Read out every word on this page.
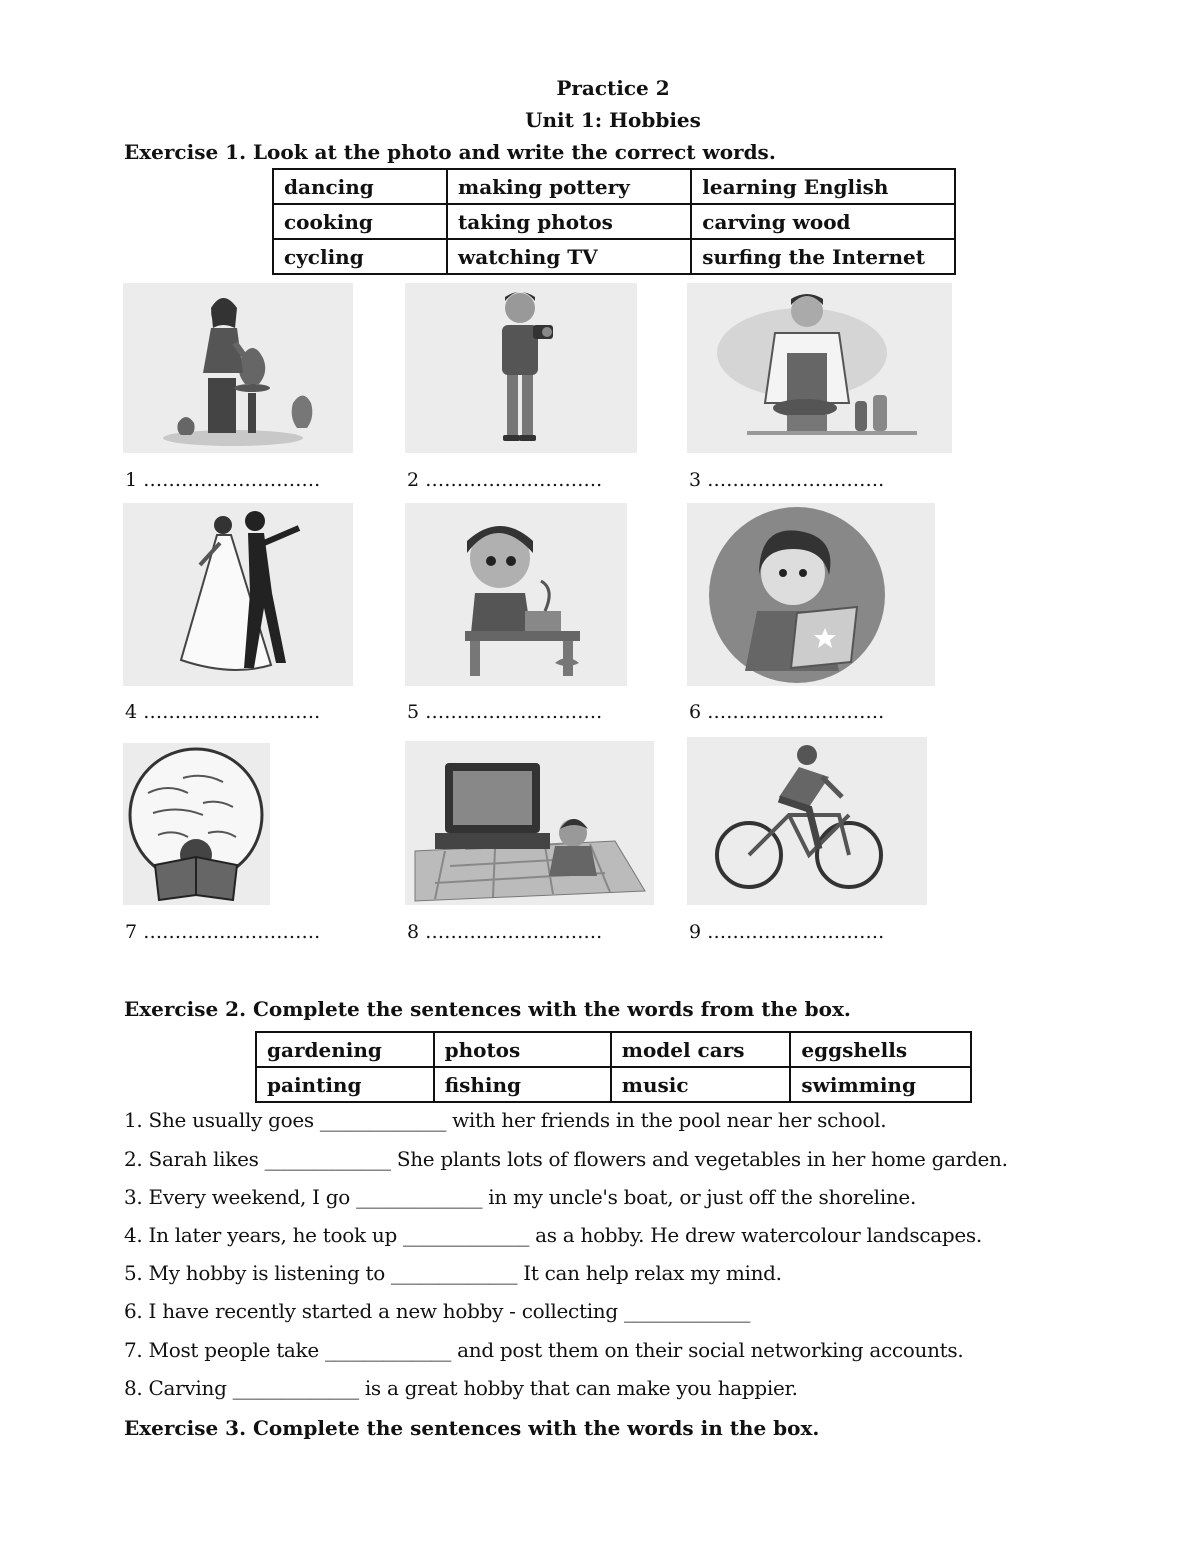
Practice 2
Unit 1: Hobbies
Exercise 1. Look at the photo and write the correct words.
dancing	making pottery	learning English
cooking	taking photos	carving wood
cycling	watching TV	surfing the Internet
1 ……………………….	2 ……………………….	3 ……………………….
4 ……………………….	5 ……………………….	6 ……………………….
7 ……………………….	8 ……………………….	9 ……………………….
Exercise 2. Complete the sentences with the words from the box.
gardening	photos	model cars	eggshells
painting	fishing	music	swimming
1. She usually goes _____________ with her friends in the pool near her school.
2. Sarah likes _____________ She plants lots of flowers and vegetables in her home garden.
3. Every weekend, I go _____________ in my uncle's boat, or just off the shoreline.
4. In later years, he took up _____________ as a hobby. He drew watercolour landscapes.
5. My hobby is listening to _____________ It can help relax my mind.
6. I have recently started a new hobby - collecting _____________
7. Most people take _____________ and post them on their social networking accounts.
8. Carving _____________ is a great hobby that can make you happier.
Exercise 3. Complete the sentences with the words in the box.
